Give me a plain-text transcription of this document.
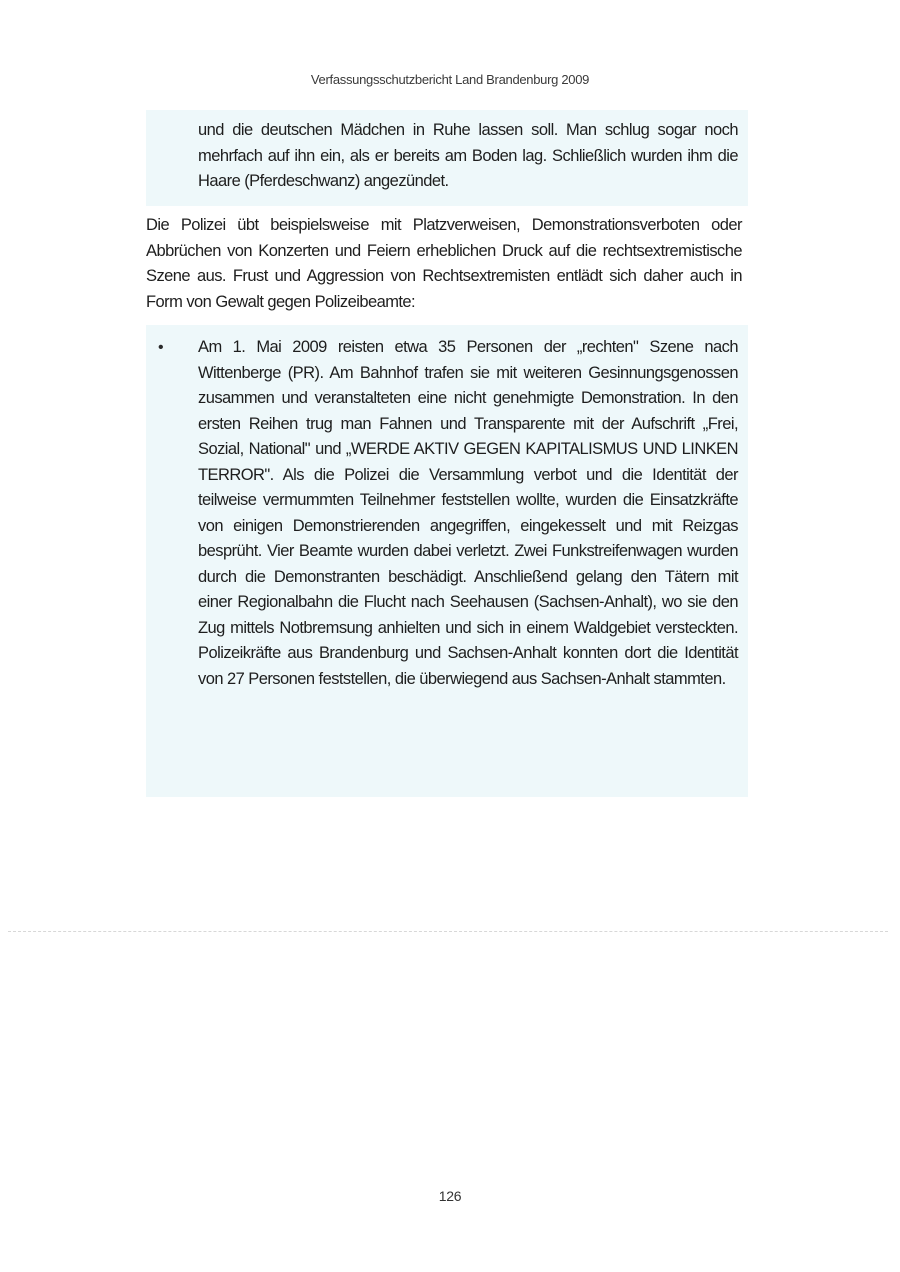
Verfassungsschutzbericht Land Brandenburg 2009
und die deutschen Mädchen in Ruhe lassen soll. Man schlug sogar noch mehrfach auf ihn ein, als er bereits am Boden lag. Schließlich wurden ihm die Haare (Pferdeschwanz) angezündet.
Die Polizei übt beispielsweise mit Platzverweisen, Demonstrationsverboten oder Abbrüchen von Konzerten und Feiern erheblichen Druck auf die rechtsextremistische Szene aus. Frust und Aggression von Rechtsextremisten entlädt sich daher auch in Form von Gewalt gegen Polizeibeamte:
• Am 1. Mai 2009 reisten etwa 35 Personen der „rechten" Szene nach Wittenberge (PR). Am Bahnhof trafen sie mit weiteren Gesinnungsgenossen zusammen und veranstalteten eine nicht genehmigte Demonstration. In den ersten Reihen trug man Fahnen und Transparente mit der Aufschrift „Frei, Sozial, National" und „WERDE AKTIV GEGEN KAPITALISMUS UND LINKEN TERROR". Als die Polizei die Versammlung verbot und die Identität der teilweise vermummten Teilnehmer feststellen wollte, wurden die Einsatzkräfte von einigen Demonstrierenden angegriffen, eingekesselt und mit Reizgas besprüht. Vier Beamte wurden dabei verletzt. Zwei Funkstreifenwagen wurden durch die Demonstranten beschädigt. Anschließend gelang den Tätern mit einer Regionalbahn die Flucht nach Seehausen (Sachsen-Anhalt), wo sie den Zug mittels Notbremsung anhielten und sich in einem Waldgebiet versteckten. Polizeikräfte aus Brandenburg und Sachsen-Anhalt konnten dort die Identität von 27 Personen feststellen, die überwiegend aus Sachsen-Anhalt stammten.
126
